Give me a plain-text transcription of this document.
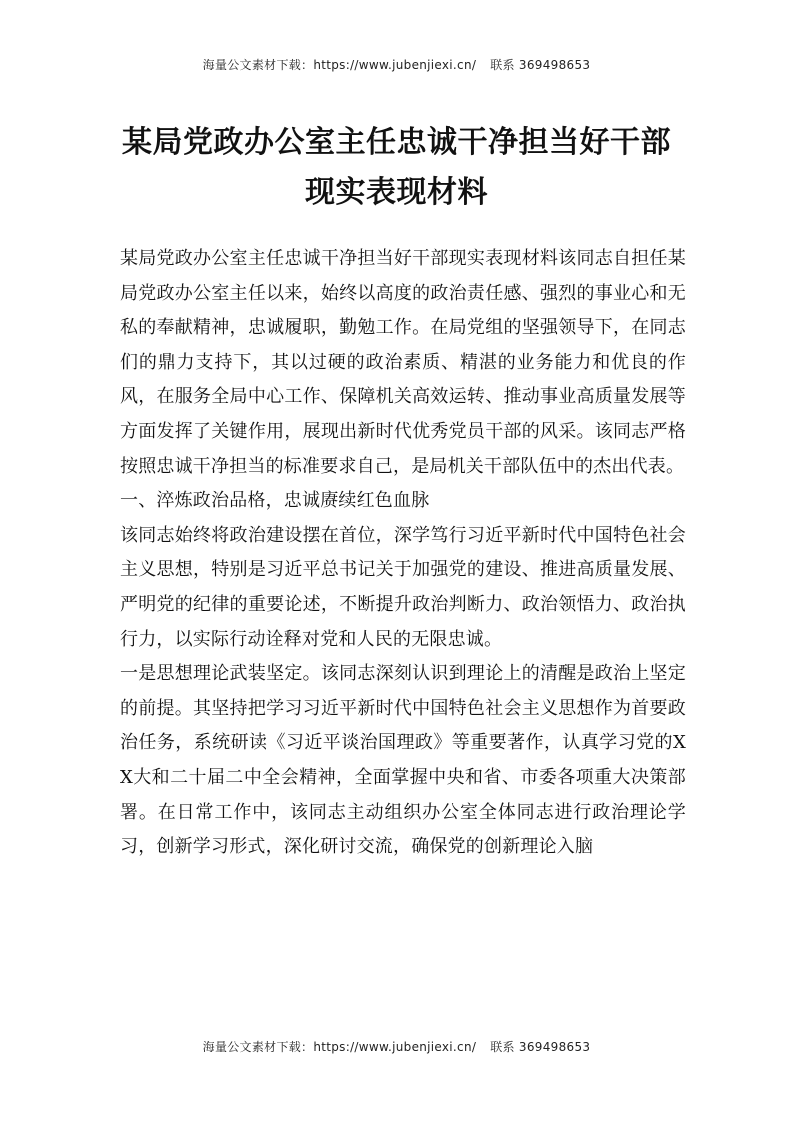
海量公文素材下载：https://www.jubenjiexi.cn/ 联系 369498653
某局党政办公室主任忠诚干净担当好干部
现实表现材料

某局党政办公室主任忠诚干净担当好干部现实表现材料该同志自担任某局党政办公室主任以来，始终以高度的政治责任感、强烈的事业心和无私的奉献精神，忠诚履职，勤勉工作。在局党组的坚强领导下，在同志们的鼎力支持下，其以过硬的政治素质、精湛的业务能力和优良的作风，在服务全局中心工作、保障机关高效运转、推动事业高质量发展等方面发挥了关键作用，展现出新时代优秀党员干部的风采。该同志严格按照忠诚干净担当的标准要求自己，是局机关干部队伍中的杰出代表。

一、淬炼政治品格，忠诚赓续红色血脉

该同志始终将政治建设摆在首位，深学笃行习近平新时代中国特色社会主义思想，特别是习近平总书记关于加强党的建设、推进高质量发展、严明党的纪律的重要论述，不断提升政治判断力、政治领悟力、政治执行力，以实际行动诠释对党和人民的无限忠诚。

一是思想理论武装坚定。该同志深刻认识到理论上的清醒是政治上坚定的前提。其坚持把学习习近平新时代中国特色社会主义思想作为首要政治任务，系统研读《习近平谈治国理政》等重要著作，认真学习党的XX大和二十届二中全会精神，全面掌握中央和省、市委各项重大决策部署。在日常工作中，该同志主动组织办公室全体同志进行政治理论学习，创新学习形式，深化研讨交流，确保党的创新理论入脑

海量公文素材下载：https://www.jubenjiexi.cn/ 联系 369498653
